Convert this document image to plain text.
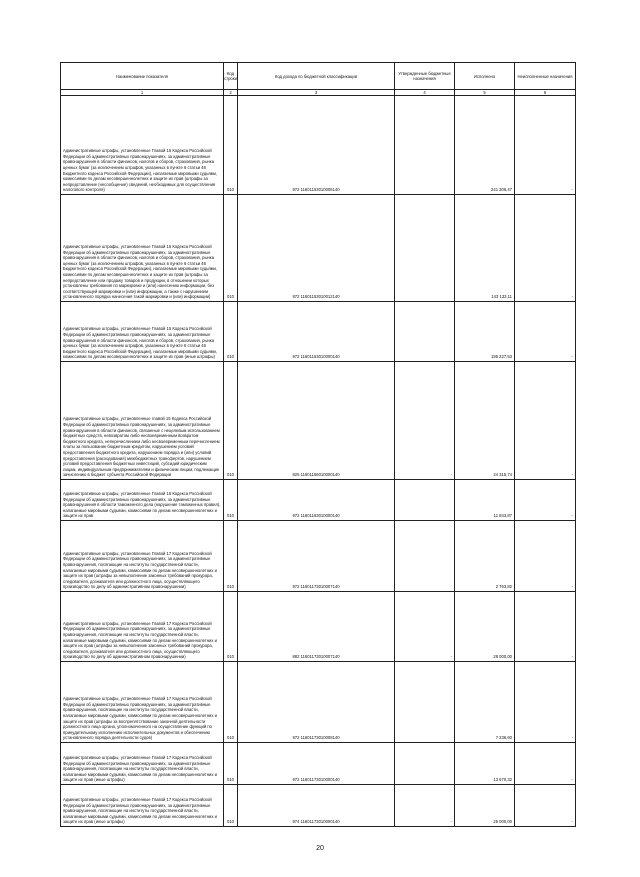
Наименование показателя	Код строки	Код дохода по бюджетной классификации	Утвержденные бюджетные назначения	Исполнено	Неисполненные назначения
1	2	3	4	5	6
Административные штрафы, установленные Главой 15 Кодекса Российской Федерации об административных правонарушениях, за административные правонарушения в области финансов, налогов и сборов, страхования, рынка ценных бумаг (за исключением штрафов, указанных в пункте 6 статьи 46 Бюджетного кодекса Российской Федерации), налагаемые мировыми судьями, комиссиями по делам несовершеннолетних и защите их прав (штрафы за непредставление (несообщение) сведений, необходимых для осуществления налогового контроля)	010	972 11601153010006140		241 306,47	-
Административные штрафы, установленные Главой 15 Кодекса Российской Федерации об административных правонарушениях, за административные правонарушения в области финансов, налогов и сборов, страхования, рынка ценных бумаг (за исключением штрафов, указанных в пункте 6 статьи 46 Бюджетного кодекса Российской Федерации), налагаемые мировыми судьями, комиссиями по делам несовершеннолетних и защите их прав (штрафы за непредставление или продажу товаров и продукции, в отношении которых установлены требования по маркировке и (или) нанесению информации, без соответствующей маркировки и (или) информации, а также с нарушением установленного порядка нанесения такой маркировки и (или) информации)	010	972 11601153010012140		143 133,11	-
Административные штрафы, установленные Главой 15 Кодекса Российской Федерации об административных правонарушениях, за административные правонарушения в области финансов, налогов и сборов, страхования, рынка ценных бумаг (за исключением штрафов, указанных в пункте 6 статьи 46 Бюджетного кодекса Российской Федерации), налагаемые мировыми судьями, комиссиями по делам несовершеннолетних и защите их прав (иные штрафы)	010	972 11601153010000140		195 227,53	-
Административные штрафы, установленные главой 15 Кодекса Российской Федерации об административных правонарушениях, за административные правонарушения в области финансов, связанные с нецелевым использованием бюджетных средств, невозвратом либо несвоевременным возвратом бюджетного кредита, неперечислением либо несвоевременным перечислением платы за пользование бюджетным кредитом, нарушением условий предоставления бюджетного кредита, нарушением порядка и (или) условий предоставления (расходования) межбюджетных трансфертов, нарушением условий предоставления бюджетных инвестиций, субсидий юридическим лицам, индивидуальным предпринимателям и физическим лицам, подлежащие зачислению в бюджет субъекта Российской Федерации	010	825 11601156010000140	-	24 315,74	-
Административные штрафы, установленные Главой 16 Кодекса Российской Федерации об административных правонарушениях, за административные правонарушения в области таможенного дела (нарушение таможенных правил), налагаемые мировыми судьями, комиссиями по делам несовершеннолетних и защите их прав	010	972 11601163010000140		11 843,87	-
Административные штрафы, установленные Главой 17 Кодекса Российской Федерации об административных правонарушениях, за административные правонарушения, посягающие на институты государственной власти, налагаемые мировыми судьями, комиссиями по делам несовершеннолетних и защите их прав (штрафы за невыполнение законных требований прокурора, следователя, дознавателя или должностного лица, осуществляющего производство по делу об административном правонарушении)	010	972 11601173010007140		2 763,82	-
Административные штрафы, установленные Главой 17 Кодекса Российской Федерации об административных правонарушениях, за административные правонарушения, посягающие на институты государственной власти, налагаемые мировыми судьями, комиссиями по делам несовершеннолетних и защите их прав (штрафы за невыполнение законных требований прокурора, следователя, дознавателя или должностного лица, осуществляющего производство по делу об административном правонарушении)	010	882 11601173010007140	-	28 000,00	-
Административные штрафы, установленные Главой 17 Кодекса Российской Федерации об административных правонарушениях, за административные правонарушения, посягающие на институты государственной власти, налагаемые мировыми судьями, комиссиями по делам несовершеннолетних и защите их прав (штрафы за воспрепятствование законной деятельности должностного лица органа, уполномоченного на осуществление функций по принудительному исполнению исполнительных документов и обеспечению установленного порядка деятельности судов)	010	972 11601173010008140		7 236,60	-
Административные штрафы, установленные Главой 17 Кодекса Российской Федерации об административных правонарушениях, за административные правонарушения, посягающие на институты государственной власти, налагаемые мировыми судьями, комиссиями по делам несовершеннолетних и защите их прав (иные штрафы)	010	972 11601173010000140		13 670,32	-
Административные штрафы, установленные Главой 17 Кодекса Российской Федерации об административных правонарушениях, за административные правонарушения, посягающие на институты государственной власти, налагаемые мировыми судьями, комиссиями по делам несовершеннолетних и защите их прав (иные штрафы)	010	974 11601173010000140	-	25 000,00	-
20
